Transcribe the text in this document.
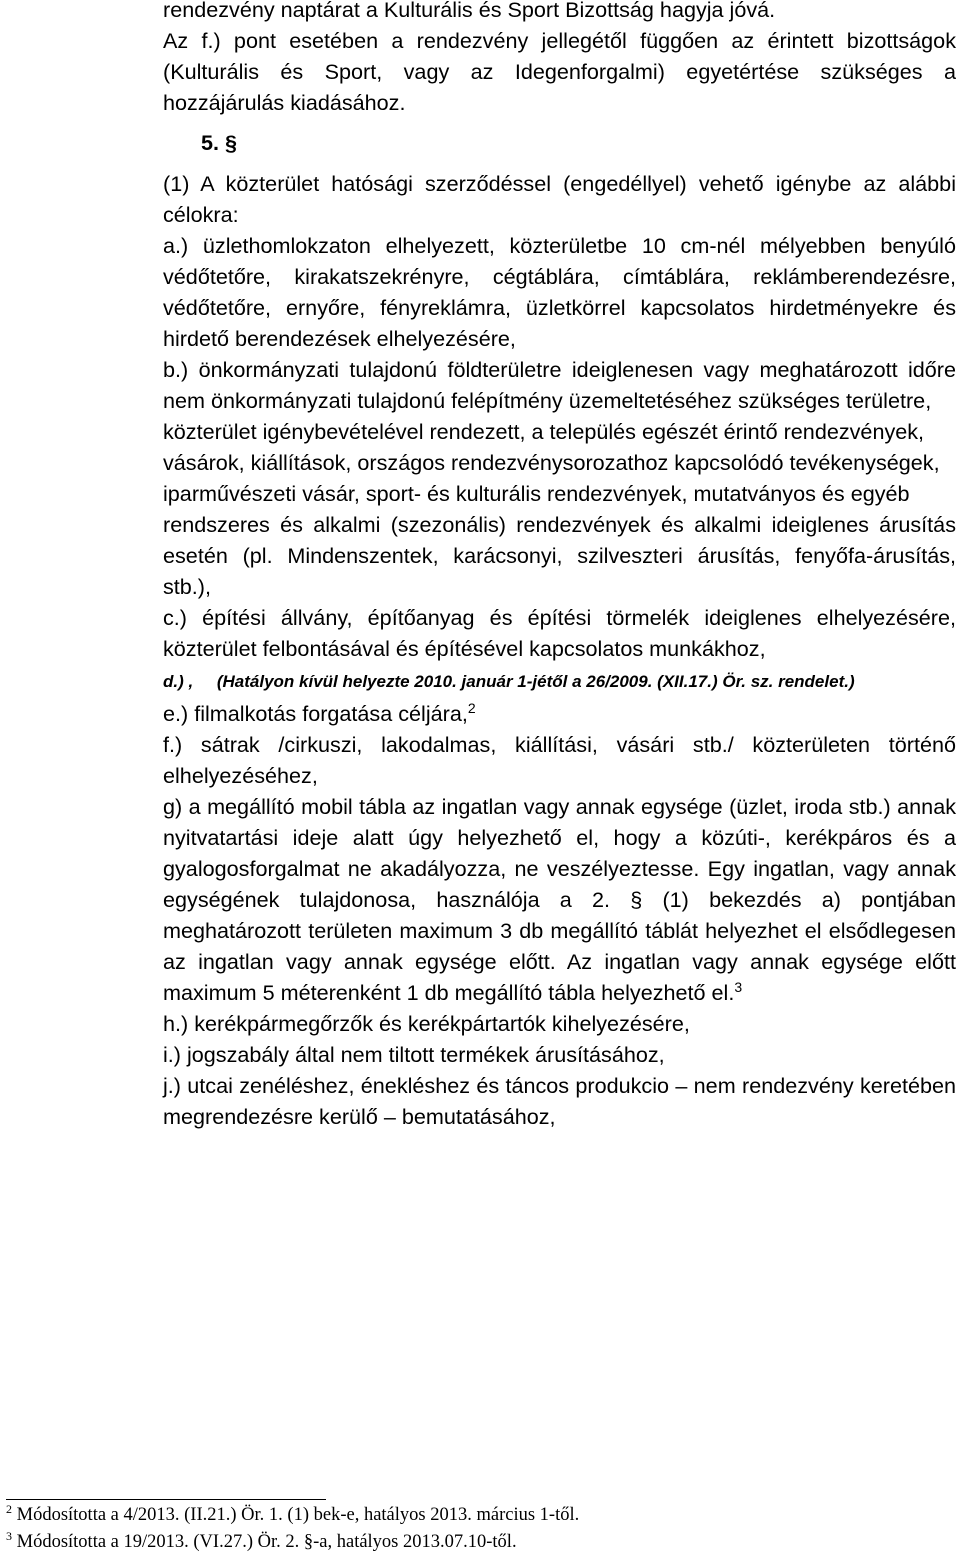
rendezvény naptárat a Kulturális és Sport Bizottság hagyja jóvá.

Az f.) pont esetében a rendezvény jellegétől függően az érintett bizottságok (Kulturális és Sport, vagy az Idegenforgalmi) egyetértése szükséges a hozzájárulás kiadásához.

5. §

(1) A közterület hatósági szerződéssel (engedéllyel) vehető igénybe az alábbi célokra:

a.) üzlethomlokzaton elhelyezett, közterületbe 10 cm-nél mélyebben benyúló védőtetőre, kirakatszekrényre, cégtáblára, címtáblára, reklámberendezésre, védőtetőre, ernyőre, fényreklámra, üzletkörrel kapcsolatos hirdetményekre és hirdető berendezések elhelyezésére,

b.) önkormányzati tulajdonú földterületre ideiglenesen vagy meghatározott időre nem önkormányzati tulajdonú felépítmény üzemeltetéséhez szükséges területre,

közterület igénybevételével rendezett, a település egészét érintő rendezvények,

vásárok, kiállítások, országos rendezvénysorozathoz kapcsolódó tevékenységek,

iparművészeti vásár, sport- és kulturális rendezvények, mutatványos és egyéb

rendszeres és alkalmi (szezonális) rendezvények és alkalmi ideiglenes árusítás esetén (pl. Mindenszentek, karácsonyi, szilveszteri árusítás, fenyőfa-árusítás, stb.),

c.) építési állvány, építőanyag és építési törmelék ideiglenes elhelyezésére, közterület felbontásával és építésével kapcsolatos munkákhoz,

d.) , (Hatályon kívül helyezte 2010. január 1-jétől a 26/2009. (XII.17.) Ör. sz. rendelet.)

e.) filmalkotás forgatása céljára,$^2$

f.) sátrak /cirkuszi, lakodalmas, kiállítási, vásári stb./ közterületen történő elhelyezéséhez,

g) a megállító mobil tábla az ingatlan vagy annak egysége (üzlet, iroda stb.) annak nyitvatartási ideje alatt úgy helyezhető el, hogy a közúti-, kerékpáros és a gyalogosforgalmat ne akadályozza, ne veszélyeztesse. Egy ingatlan, vagy annak egységének tulajdonosa, használója a 2. § (1) bekezdés a) pontjában meghatározott területen maximum 3 db megállító táblát helyezhet el elsődlegesen az ingatlan vagy annak egysége előtt. Az ingatlan vagy annak egysége előtt maximum 5 méterenként 1 db megállító tábla helyezhető el.$^3$

h.) kerékpármegőrzők és kerékpártartók kihelyezésére,

i.) jogszabály által nem tiltott termékek árusításához,

j.) utcai zenéléshez, énekléshez és táncos produkcio – nem rendezvény keretében megrendezésre kerülő – bemutatásához,

$^2$ Módosította a 4/2013. (II.21.) Ör. 1. (1) bek-e, hatályos 2013. március 1-től.

$^3$ Módosította a 19/2013. (VI.27.) Ör. 2. §-a, hatályos 2013.07.10-től.
